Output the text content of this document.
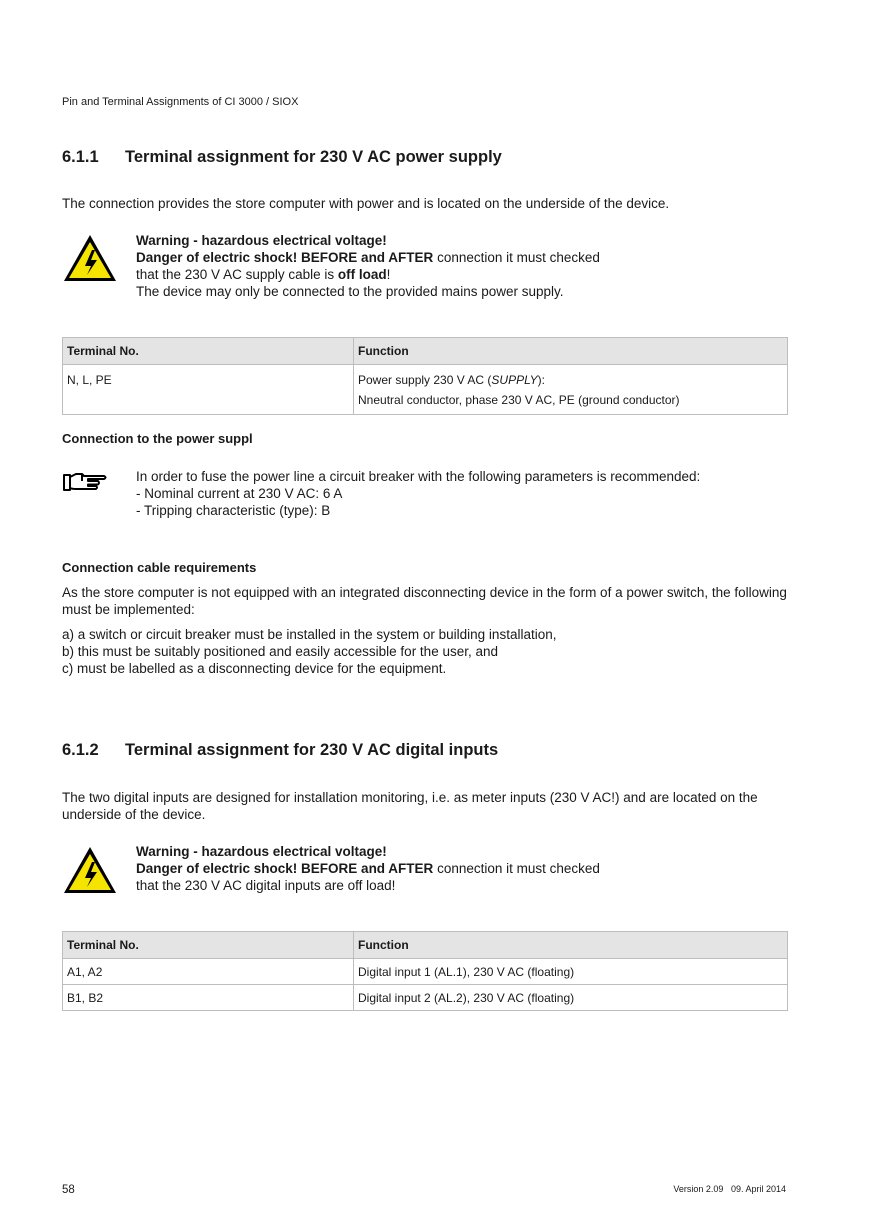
Pin and Terminal Assignments of CI 3000 / SIOX
6.1.1 Terminal assignment for 230 V AC power supply

The connection provides the store computer with power and is located on the underside of the device.

Warning - hazardous electrical voltage!
Danger of electric shock! BEFORE and AFTER connection it must checked
that the 230 V AC supply cable is off load!
The device may only be connected to the provided mains power supply.
Terminal No.	Function
N, L, PE	Power supply 230 V AC (SUPPLY):
Nneutral conductor, phase 230 V AC, PE (ground conductor)
Connection to the power suppl
In order to fuse the power line a circuit breaker with the following parameters is recommended:
- Nominal current at 230 V AC: 6 A
- Tripping characteristic (type): B
Connection cable requirements

As the store computer is not equipped with an integrated disconnecting device in the form of a power switch, the following must be implemented:

a) a switch or circuit breaker must be installed in the system or building installation,
b) this must be suitably positioned and easily accessible for the user, and
c) must be labelled as a disconnecting device for the equipment.
6.1.2 Terminal assignment for 230 V AC digital inputs

The two digital inputs are designed for installation monitoring, i.e. as meter inputs (230 V AC!) and are located on the underside of the device.

Warning - hazardous electrical voltage!
Danger of electric shock! BEFORE and AFTER connection it must checked
that the 230 V AC digital inputs are off load!
Terminal No.	Function
A1, A2	Digital input 1 (AL.1), 230 V AC (floating)
B1, B2	Digital input 2 (AL.2), 230 V AC (floating)
58	Version 2.09   09. April 2014
